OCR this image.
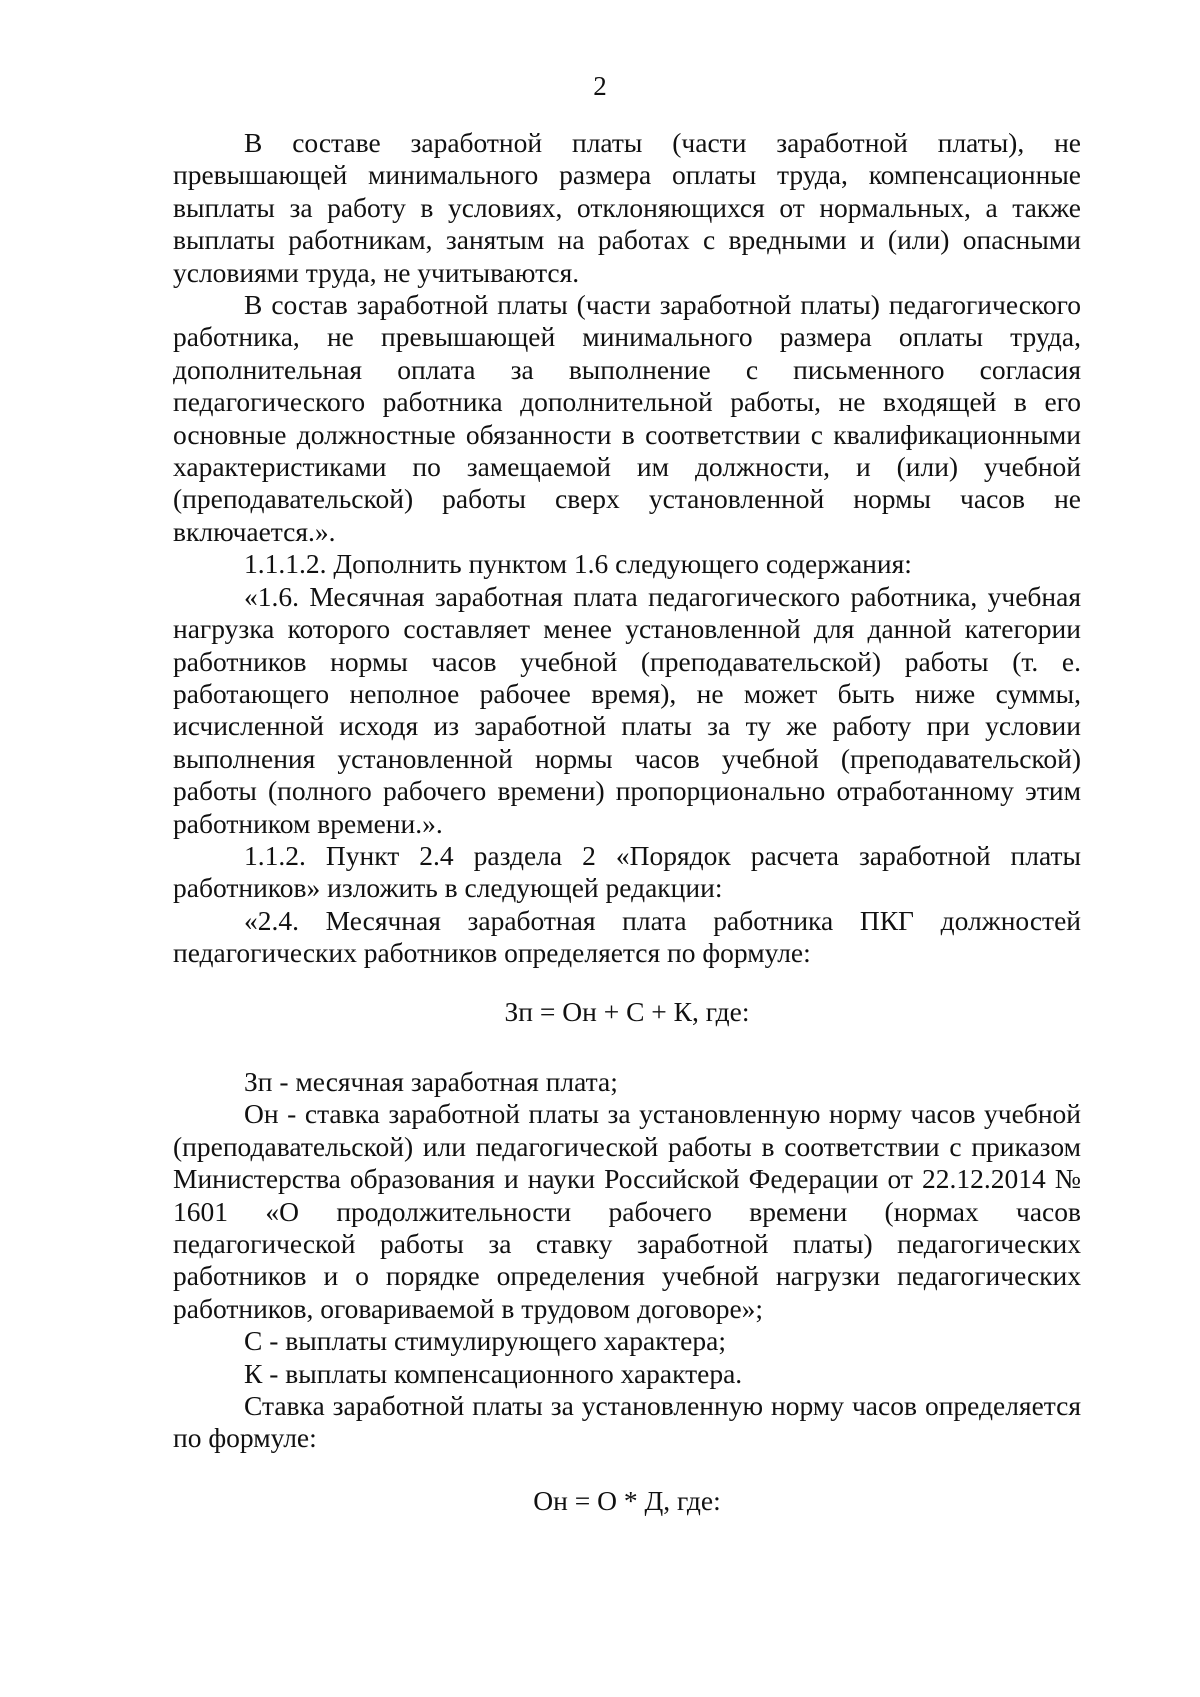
2

В составе заработной платы (части заработной платы), не превышающей минимального размера оплаты труда, компенсационные выплаты за работу в условиях, отклоняющихся от нормальных, а также выплаты работникам, занятым на работах с вредными и (или) опасными условиями труда, не учитываются.

В состав заработной платы (части заработной платы) педагогического работника, не превышающей минимального размера оплаты труда, дополнительная оплата за выполнение с письменного согласия педагогического работника дополнительной работы, не входящей в его основные должностные обязанности в соответствии с квалификационными характеристиками по замещаемой им должности, и (или) учебной (преподавательской) работы сверх установленной нормы часов не включается.».

1.1.1.2. Дополнить пунктом 1.6 следующего содержания:

«1.6. Месячная заработная плата педагогического работника, учебная нагрузка которого составляет менее установленной для данной категории работников нормы часов учебной (преподавательской) работы (т. е. работающего неполное рабочее время), не может быть ниже суммы, исчисленной исходя из заработной платы за ту же работу при условии выполнения установленной нормы часов учебной (преподавательской) работы (полного рабочего времени) пропорционально отработанному этим работником времени.».

1.1.2. Пункт 2.4 раздела 2 «Порядок расчета заработной платы работников» изложить в следующей редакции:

«2.4. Месячная заработная плата работника ПКГ должностей педагогических работников определяется по формуле:

Зп = Он + С + К, где:

Зп - месячная заработная плата;

Он - ставка заработной платы за установленную норму часов учебной (преподавательской) или педагогической работы в соответствии с приказом Министерства образования и науки Российской Федерации от 22.12.2014 № 1601 «О продолжительности рабочего времени (нормах часов педагогической работы за ставку заработной платы) педагогических работников и о порядке определения учебной нагрузки педагогических работников, оговариваемой в трудовом договоре»;

С - выплаты стимулирующего характера;

К - выплаты компенсационного характера.

Ставка заработной платы за установленную норму часов определяется по формуле:

Он = О * Д, где:
